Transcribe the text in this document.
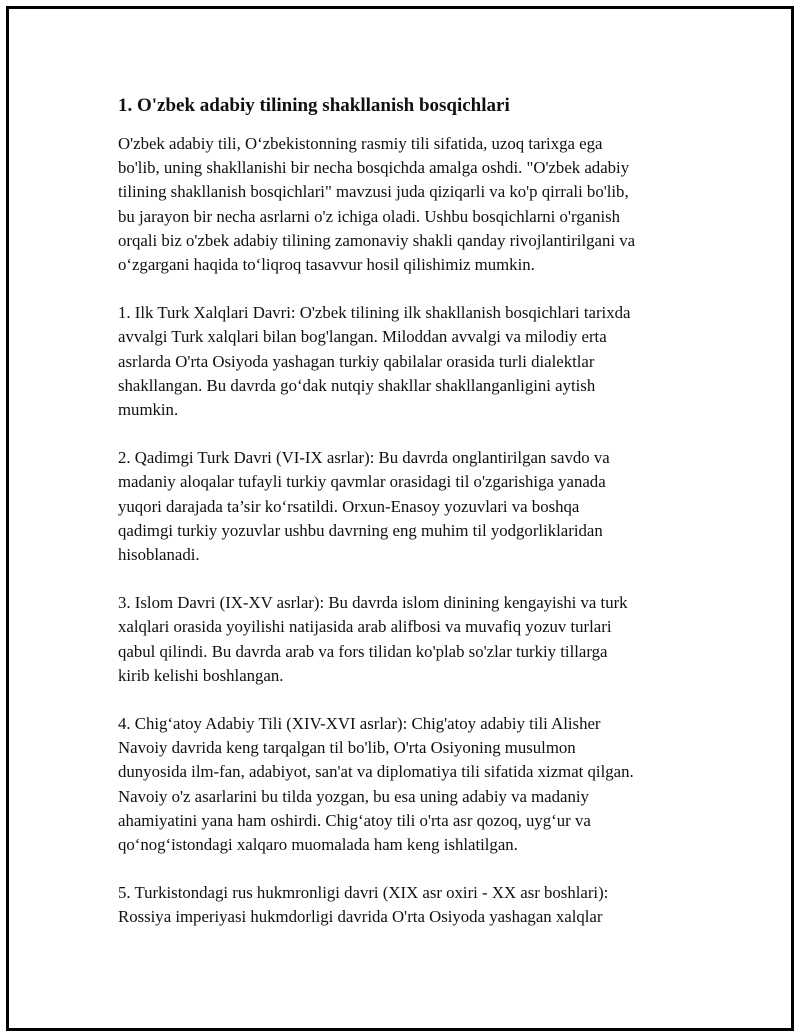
1. O'zbek adabiy tilining shakllanish bosqichlari
O'zbek adabiy tili, O‘zbekistonning rasmiy tili sifatida, uzoq tarixga ega
bo'lib, uning shakllanishi bir necha bosqichda amalga oshdi. "O'zbek adabiy
tilining shakllanish bosqichlari" mavzusi juda qiziqarli va ko'p qirrali bo'lib,
bu jarayon bir necha asrlarni o'z ichiga oladi. Ushbu bosqichlarni o'rganish
orqali biz o'zbek adabiy tilining zamonaviy shakli qanday rivojlantirilgani va
o‘zgargani haqida to‘liqroq tasavvur hosil qilishimiz mumkin.
1. Ilk Turk Xalqlari Davri: O'zbek tilining ilk shakllanish bosqichlari tarixda
avvalgi Turk xalqlari bilan bog'langan. Miloddan avvalgi va milodiy erta
asrlarda O'rta Osiyoda yashagan turkiy qabilalar orasida turli dialektlar
shakllangan. Bu davrda go‘dak nutqiy shakllar shakllanganligini aytish
mumkin.
2. Qadimgi Turk Davri (VI-IX asrlar): Bu davrda onglantirilgan savdo va
madaniy aloqalar tufayli turkiy qavmlar orasidagi til o'zgarishiga yanada
yuqori darajada ta’sir ko‘rsatildi. Orxun-Enasoy yozuvlari va boshqa
qadimgi turkiy yozuvlar ushbu davrning eng muhim til yodgorliklaridan
hisoblanadi.
3. Islom Davri (IX-XV asrlar): Bu davrda islom dinining kengayishi va turk
xalqlari orasida yoyilishi natijasida arab alifbosi va muvafiq yozuv turlari
qabul qilindi. Bu davrda arab va fors tilidan ko'plab so'zlar turkiy tillarga
kirib kelishi boshlangan.
4. Chig‘atoy Adabiy Tili (XIV-XVI asrlar): Chig'atoy adabiy tili Alisher
Navoiy davrida keng tarqalgan til bo'lib, O'rta Osiyoning musulmon
dunyosida ilm-fan, adabiyot, san'at va diplomatiya tili sifatida xizmat qilgan.
Navoiy o'z asarlarini bu tilda yozgan, bu esa uning adabiy va madaniy
ahamiyatini yana ham oshirdi. Chig‘atoy tili o'rta asr qozoq, uyg‘ur va
qo‘nog‘istondagi xalqaro muomalada ham keng ishlatilgan.
5. Turkistondagi rus hukmronligi davri (XIX asr oxiri - XX asr boshlari):
Rossiya imperiyasi hukmdorligi davrida O'rta Osiyoda yashagan xalqlar
